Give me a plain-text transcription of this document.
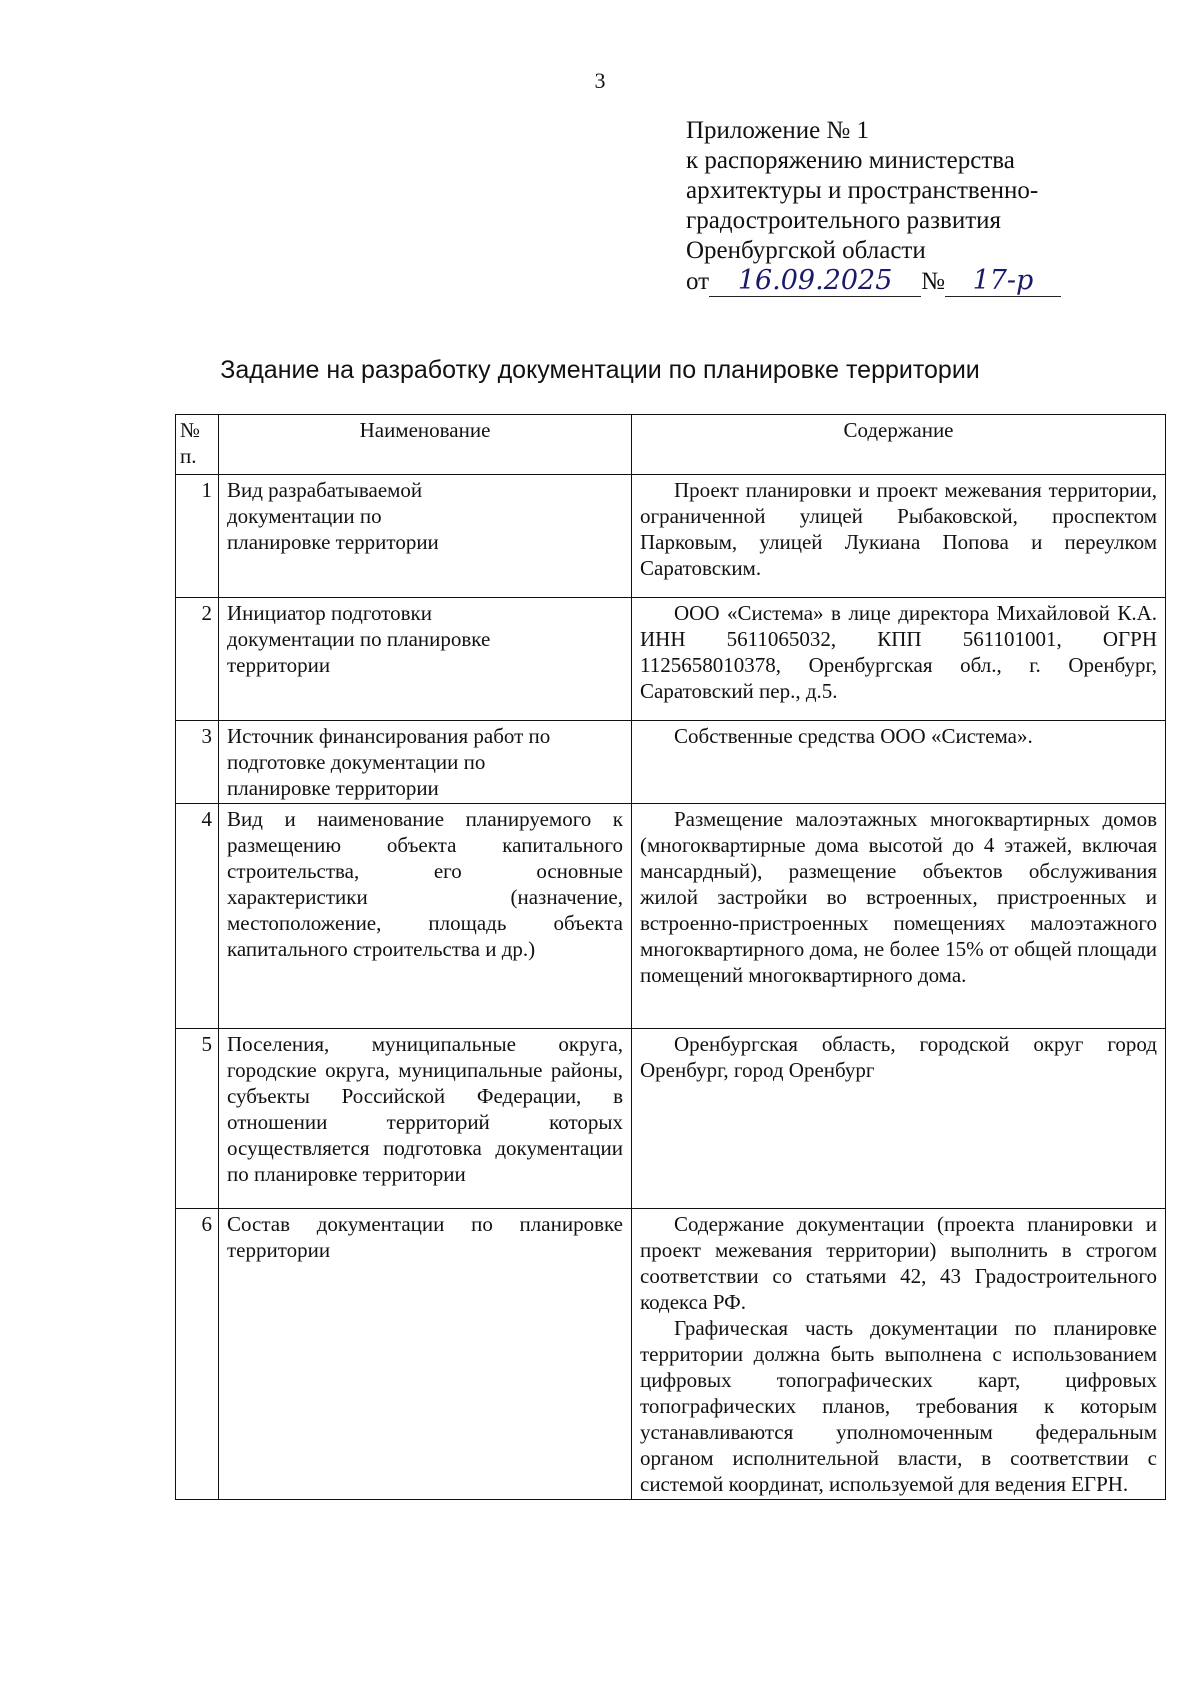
3
Приложение № 1
к распоряжению министерства
архитектуры и пространственно-
градостроительного развития
Оренбургской области
от	16.09.2025	№	17-р
Задание на разработку документации по планировке территории
№ п.	Наименование	Содержание
1	Вид разрабатываемой документации по планировке территории	Проект планировки и проект межевания территории, ограниченной улицей Рыбаковской, проспектом Парковым, улицей Лукиана Попова и переулком Саратовским.

2	Инициатор подготовки документации по планировке территории	ООО «Система» в лице директора Михайловой К.А. ИНН 5611065032, КПП 561101001, ОГРН 1125658010378, Оренбургская обл., г. Оренбург, Саратовский пер., д.5.

3	Источник финансирования работ по подготовке документации по планировке территории	Собственные средства ООО «Система».

4	Вид и наименование планируемого к размещению объекта капитального строительства, его основные характеристики (назначение, местоположение, площадь объекта капитального строительства и др.)	Размещение малоэтажных многоквартирных домов (многоквартирные дома высотой до 4 этажей, включая мансардный), размещение объектов обслуживания жилой застройки во встроенных, пристроенных и встроенно-пристроенных помещениях малоэтажного многоквартирного дома, не более 15% от общей площади помещений многоквартирного дома.

5	Поселения, муниципальные округа, городские округа, муниципальные районы, субъекты Российской Федерации, в отношении территорий которых осуществляется подготовка документации по планировке территории	Оренбургская область, городской округ город Оренбург, город Оренбург

6	Состав документации по планировке территории	Содержание документации (проекта планировки и проект межевания территории) выполнить в строгом соответствии со статьями 42, 43 Градостроительного кодекса РФ.

Графическая часть документации по планировке территории должна быть выполнена с использованием цифровых топографических карт, цифровых топографических планов, требования к которым устанавливаются уполномоченным федеральным органом исполнительной власти, в соответствии с системой координат, используемой для ведения ЕГРН.
